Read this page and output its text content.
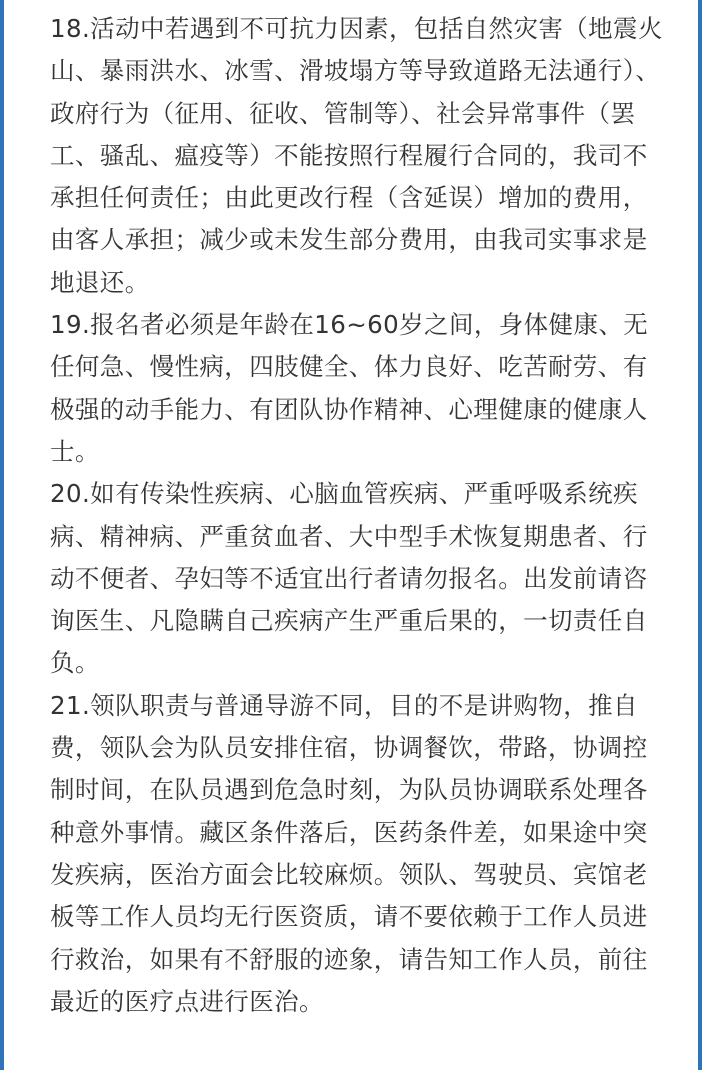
18.活动中若遇到不可抗力因素，包括自然灾害（地震火山、暴雨洪水、冰雪、滑坡塌方等导致道路无法通行）、政府行为（征用、征收、管制等）、社会异常事件（罢工、骚乱、瘟疫等）不能按照行程履行合同的，我司不承担任何责任；由此更改行程（含延误）增加的费用，由客人承担；减少或未发生部分费用，由我司实事求是地退还。

19.报名者必须是年龄在16~60岁之间，身体健康、无任何急、慢性病，四肢健全、体力良好、吃苦耐劳、有极强的动手能力、有团队协作精神、心理健康的健康人士。

20.如有传染性疾病、心脑血管疾病、严重呼吸系统疾病、精神病、严重贫血者、大中型手术恢复期患者、行动不便者、孕妇等不适宜出行者请勿报名。出发前请咨询医生、凡隐瞒自己疾病产生严重后果的，一切责任自负。

21.领队职责与普通导游不同，目的不是讲购物，推自费，领队会为队员安排住宿，协调餐饮，带路，协调控制时间，在队员遇到危急时刻，为队员协调联系处理各种意外事情。藏区条件落后，医药条件差，如果途中突发疾病，医治方面会比较麻烦。领队、驾驶员、宾馆老板等工作人员均无行医资质，请不要依赖于工作人员进行救治，如果有不舒服的迹象，请告知工作人员，前往最近的医疗点进行医治。
